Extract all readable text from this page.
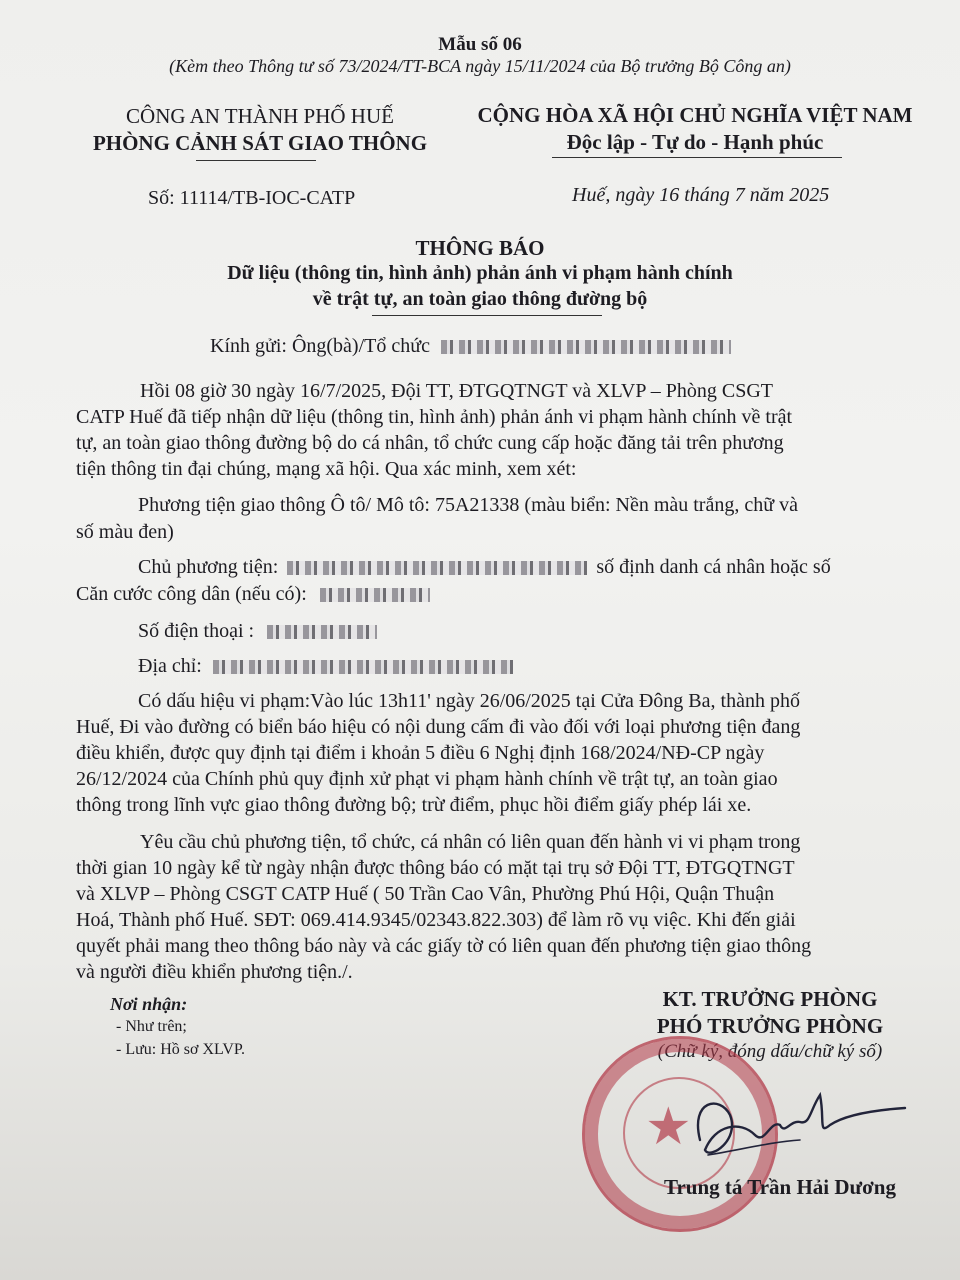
Mẫu số 06
(Kèm theo Thông tư số 73/2024/TT-BCA ngày 15/11/2024 của Bộ trưởng Bộ Công an)
CÔNG AN THÀNH PHỐ HUẾ
PHÒNG CẢNH SÁT GIAO THÔNG
CỘNG HÒA XÃ HỘI CHỦ NGHĨA VIỆT NAM
Độc lập - Tự do - Hạnh phúc
Số: 11114/TB-IOC-CATP	Huế, ngày 16 tháng 7 năm 2025
THÔNG BÁO
Dữ liệu (thông tin, hình ảnh) phản ánh vi phạm hành chính
về trật tự, an toàn giao thông đường bộ
Kính gửi: Ông(bà)/Tổ chức
Hồi 08 giờ 30 ngày 16/7/2025, Đội TT, ĐTGQTNGT và XLVP – Phòng CSGT
CATP Huế đã tiếp nhận dữ liệu (thông tin, hình ảnh) phản ánh vi phạm hành chính về trật
tự, an toàn giao thông đường bộ do cá nhân, tổ chức cung cấp hoặc đăng tải trên phương
tiện thông tin đại chúng, mạng xã hội. Qua xác minh, xem xét:
Phương tiện giao thông Ô tô/ Mô tô: 75A21338 (màu biển: Nền màu trắng, chữ và
số màu đen)
Chủ phương tiện:	số định danh cá nhân hoặc số
Căn cước công dân (nếu có):
Số điện thoại :
Địa chỉ:
Có dấu hiệu vi phạm:Vào lúc 13h11' ngày 26/06/2025 tại Cửa Đông Ba, thành phố
Huế, Đi vào đường có biển báo hiệu có nội dung cấm đi vào đối với loại phương tiện đang
điều khiển, được quy định tại điểm i khoản 5 điều 6 Nghị định 168/2024/NĐ-CP ngày
26/12/2024 của Chính phủ quy định xử phạt vi phạm hành chính về trật tự, an toàn giao
thông trong lĩnh vực giao thông đường bộ; trừ điểm, phục hồi điểm giấy phép lái xe.
Yêu cầu chủ phương tiện, tổ chức, cá nhân có liên quan đến hành vi vi phạm trong
thời gian 10 ngày kể từ ngày nhận được thông báo có mặt tại trụ sở Đội TT, ĐTGQTNGT
và XLVP – Phòng CSGT CATP Huế ( 50 Trần Cao Vân, Phường Phú Hội, Quận Thuận
Hoá, Thành phố Huế. SĐT: 069.414.9345/02343.822.303) để làm rõ vụ việc. Khi đến giải
quyết phải mang theo thông báo này và các giấy tờ có liên quan đến phương tiện giao thông
và người điều khiển phương tiện./.
Nơi nhận:
- Như trên;
- Lưu: Hồ sơ XLVP.
KT. TRƯỞNG PHÒNG
PHÓ TRƯỞNG PHÒNG
(Chữ ký, đóng dấu/chữ ký số)
★
Trung tá Trần Hải Dương
